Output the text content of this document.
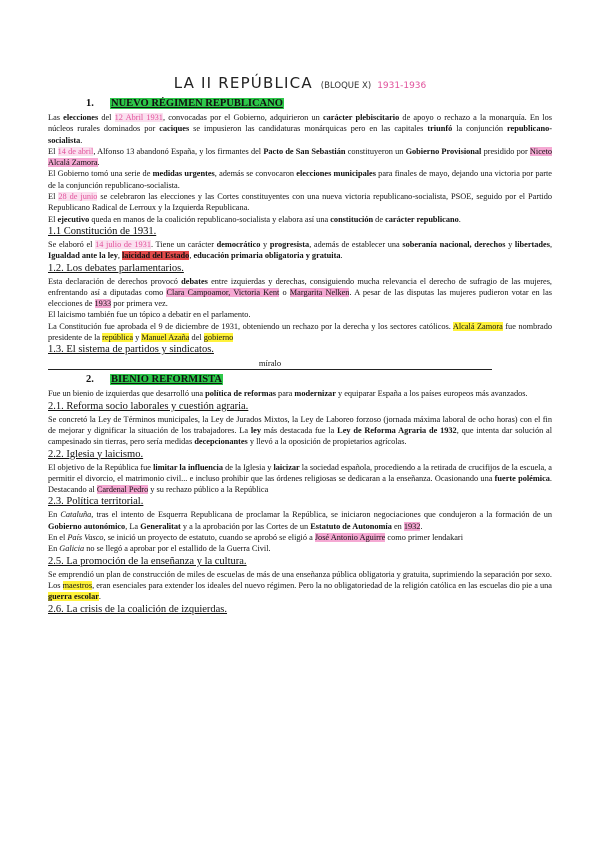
LA II REPÚBLICA (BLOQUE X) 1931-1936
1. NUEVO RÉGIMEN REPUBLICANO
Las elecciones del 12 Abril 1931, convocadas por el Gobierno, adquirieron un carácter plebiscitario de apoyo o rechazo a la monarquía. En los núcleos rurales dominados por caciques se impusieron las candidaturas monárquicas pero en las capitales triunfó la conjunción republicano-socialista.
El 14 de abril, Alfonso 13 abandonó España, y los firmantes del Pacto de San Sebastián constituyeron un Gobierno Provisional presidido por Niceto Alcalá Zamora.
El Gobierno tomó una serie de medidas urgentes, además se convocaron elecciones municipales para finales de mayo, dejando una victoria por parte de la conjunción republicano-socialista.
El 28 de junio se celebraron las elecciones y las Cortes constituyentes con una nueva victoria republicano-socialista, PSOE, seguido por el Partido Republicano Radical de Lerroux y la Izquierda Republicana.
El ejecutivo queda en manos de la coalición republicano-socialista y elabora así una constitución de carácter republicano.
1.1 Constitución de 1931.
Se elaboró el 14 julio de 1931. Tiene un carácter democrático y progresista, además de establecer una soberanía nacional, derechos y libertades, Igualdad ante la ley, laicidad del Estado, educación primaria obligatoria y gratuita.
1.2. Los debates parlamentarios.
Esta declaración de derechos provocó debates entre izquierdas y derechas, consiguiendo mucha relevancia el derecho de sufragio de las mujeres, enfrentando así a diputadas como Clara Campoamor, Victoria Kent o Margarita Nelken. A pesar de las disputas las mujeres pudieron votar en las elecciones de 1933 por primera vez.
El laicismo también fue un tópico a debatir en el parlamento.
La Constitución fue aprobada el 9 de diciembre de 1931, obteniendo un rechazo por la derecha y los sectores católicos. Alcalá Zamora fue nombrado presidente de la república y Manuel Azaña del gobierno
1.3. El sistema de partidos y sindicatos.
míralo
2. BIENIO REFORMISTA
Fue un bienio de izquierdas que desarrolló una política de reformas para modernizar y equiparar España a los países europeos más avanzados.
2.1. Reforma socio laborales y cuestión agraria.
Se concretó la Ley de Términos municipales, la Ley de Jurados Mixtos, la Ley de Laboreo forzoso (jornada máxima laboral de ocho horas) con el fin de mejorar y dignificar la situación de los trabajadores. La ley más destacada fue la Ley de Reforma Agraria de 1932, que intenta dar solución al campesinado sin tierras, pero sería medidas decepcionantes y llevó a la oposición de propietarios agrícolas.
2.2. Iglesia y laicismo.
El objetivo de la República fue limitar la influencia de la Iglesia y laicizar la sociedad española, procediendo a la retirada de crucifijos de la escuela, a permitir el divorcio, el matrimonio civil... e incluso prohibir que las órdenes religiosas se dedicaran a la enseñanza. Ocasionando una fuerte polémica. Destacando al Cardenal Pedro y su rechazo público a la República
2.3. Política territorial.
En Cataluña, tras el intento de Esquerra Republicana de proclamar la República, se iniciaron negociaciones que condujeron a la formación de un Gobierno autonómico, La Generalitat y a la aprobación por las Cortes de un Estatuto de Autonomía en 1932.
En el País Vasco, se inició un proyecto de estatuto, cuando se aprobó se eligió a José Antonio Aguirre como primer lendakari
En Galicia no se llegó a aprobar por el estallido de la Guerra Civil.
2.5. La promoción de la enseñanza y la cultura.
Se emprendió un plan de construcción de miles de escuelas de más de una enseñanza pública obligatoria y gratuita, suprimiendo la separación por sexo. Los maestros, eran esenciales para extender los ideales del nuevo régimen. Pero la no obligatoriedad de la religión católica en las escuelas dio pie a una guerra escolar.
2.6. La crisis de la coalición de izquierdas.
